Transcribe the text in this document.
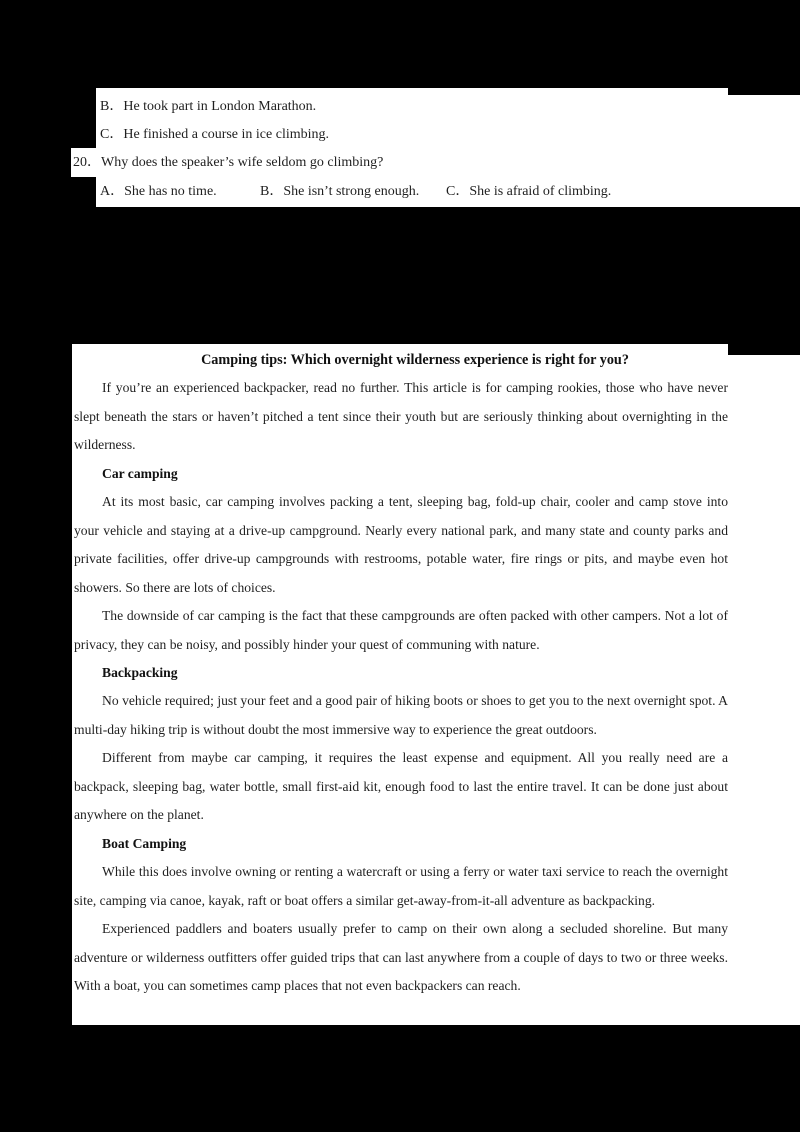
B．He took part in London Marathon.
C．He finished a course in ice climbing.
20．Why does the speaker’s wife seldom go climbing?
A．She has no time.	B．She isn’t strong enough. C．She is afraid of climbing.

Camping tips: Which overnight wilderness experience is right for you?

If you’re an experienced backpacker, read no further. This article is for camping rookies, those who have never slept beneath the stars or haven’t pitched a tent since their youth but are seriously thinking about overnighting in the wilderness.

Car camping

At its most basic, car camping involves packing a tent, sleeping bag, fold-up chair, cooler and camp stove into your vehicle and staying at a drive-up campground. Nearly every national park, and many state and county parks and private facilities, offer drive-up campgrounds with restrooms, potable water, fire rings or pits, and maybe even hot showers. So there are lots of choices.

The downside of car camping is the fact that these campgrounds are often packed with other campers. Not a lot of privacy, they can be noisy, and possibly hinder your quest of communing with nature.

Backpacking

No vehicle required; just your feet and a good pair of hiking boots or shoes to get you to the next overnight spot. A multi-day hiking trip is without doubt the most immersive way to experience the great outdoors.

Different from maybe car camping, it requires the least expense and equipment. All you really need are a backpack, sleeping bag, water bottle, small first-aid kit, enough food to last the entire travel. It can be done just about anywhere on the planet.

Boat Camping

While this does involve owning or renting a watercraft or using a ferry or water taxi service to reach the overnight site, camping via canoe, kayak, raft or boat offers a similar get-away-from-it-all adventure as backpacking.

Experienced paddlers and boaters usually prefer to camp on their own along a secluded shoreline. But many adventure or wilderness outfitters offer guided trips that can last anywhere from a couple of days to two or three weeks. With a boat, you can sometimes camp places that not even backpackers can reach.
